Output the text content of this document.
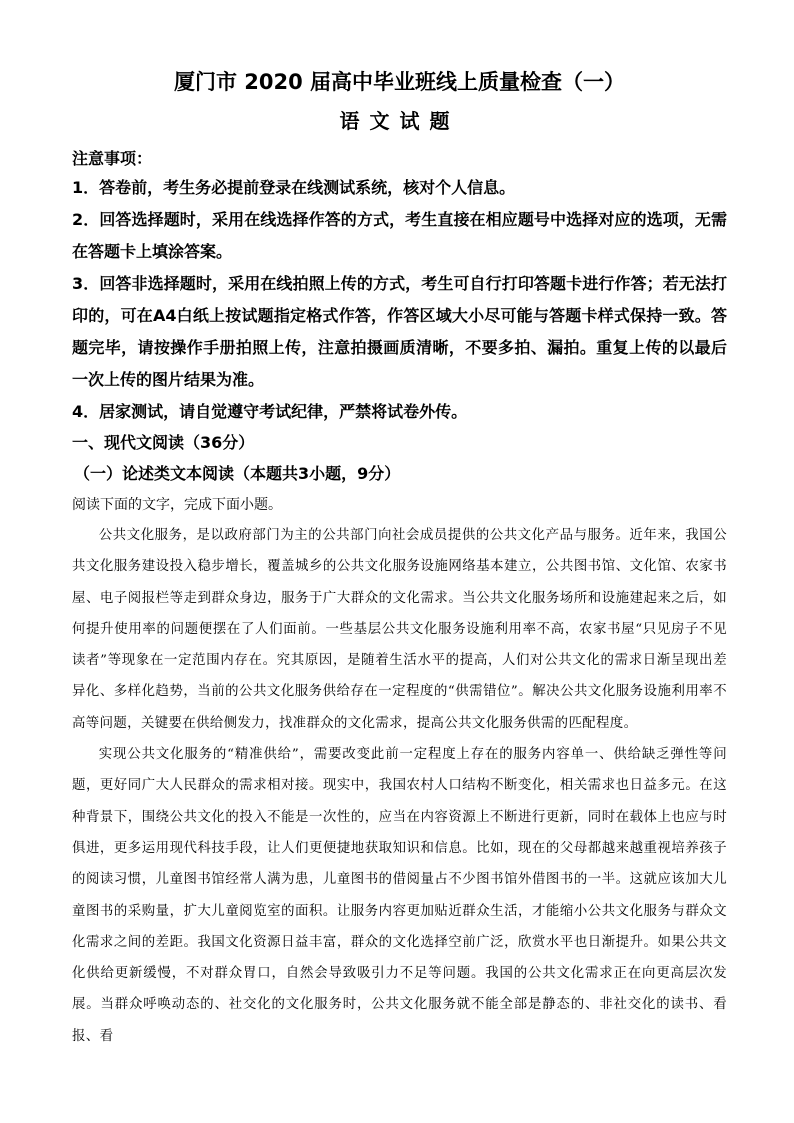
厦门市 2020 届高中毕业班线上质量检查（一）
语文试题

注意事项：

1．答卷前，考生务必提前登录在线测试系统，核对个人信息。
2．回答选择题时，采用在线选择作答的方式，考生直接在相应题号中选择对应的选项，无需在答题卡上填涂答案。
3．回答非选择题时，采用在线拍照上传的方式，考生可自行打印答题卡进行作答；若无法打印的，可在A4白纸上按试题指定格式作答，作答区域大小尽可能与答题卡样式保持一致。答题完毕，请按操作手册拍照上传，注意拍摄画质清晰，不要多拍、漏拍。重复上传的以最后一次上传的图片结果为准。
4．居家测试，请自觉遵守考试纪律，严禁将试卷外传。

一、现代文阅读（36分）

（一）论述类文本阅读（本题共3小题，9分）

阅读下面的文字，完成下面小题。

公共文化服务，是以政府部门为主的公共部门向社会成员提供的公共文化产品与服务。近年来，我国公共文化服务建设投入稳步增长，覆盖城乡的公共文化服务设施网络基本建立，公共图书馆、文化馆、农家书屋、电子阅报栏等走到群众身边，服务于广大群众的文化需求。当公共文化服务场所和设施建起来之后，如何提升使用率的问题便摆在了人们面前。一些基层公共文化服务设施利用率不高，农家书屋“只见房子不见读者”等现象在一定范围内存在。究其原因，是随着生活水平的提高，人们对公共文化的需求日渐呈现出差异化、多样化趋势，当前的公共文化服务供给存在一定程度的“供需错位”。解决公共文化服务设施利用率不高等问题，关键要在供给侧发力，找准群众的文化需求，提高公共文化服务供需的匹配程度。

实现公共文化服务的“精准供给”，需要改变此前一定程度上存在的服务内容单一、供给缺乏弹性等问题，更好同广大人民群众的需求相对接。现实中，我国农村人口结构不断变化，相关需求也日益多元。在这种背景下，围绕公共文化的投入不能是一次性的，应当在内容资源上不断进行更新，同时在载体上也应与时俱进，更多运用现代科技手段，让人们更便捷地获取知识和信息。比如，现在的父母都越来越重视培养孩子的阅读习惯，儿童图书馆经常人满为患，儿童图书的借阅量占不少图书馆外借图书的一半。这就应该加大儿童图书的采购量，扩大儿童阅览室的面积。让服务内容更加贴近群众生活，才能缩小公共文化服务与群众文化需求之间的差距。我国文化资源日益丰富，群众的文化选择空前广泛，欣赏水平也日渐提升。如果公共文化供给更新缓慢，不对群众胃口，自然会导致吸引力不足等问题。我国的公共文化需求正在向更高层次发展。当群众呼唤动态的、社交化的文化服务时，公共文化服务就不能全部是静态的、非社交化的读书、看报、看
